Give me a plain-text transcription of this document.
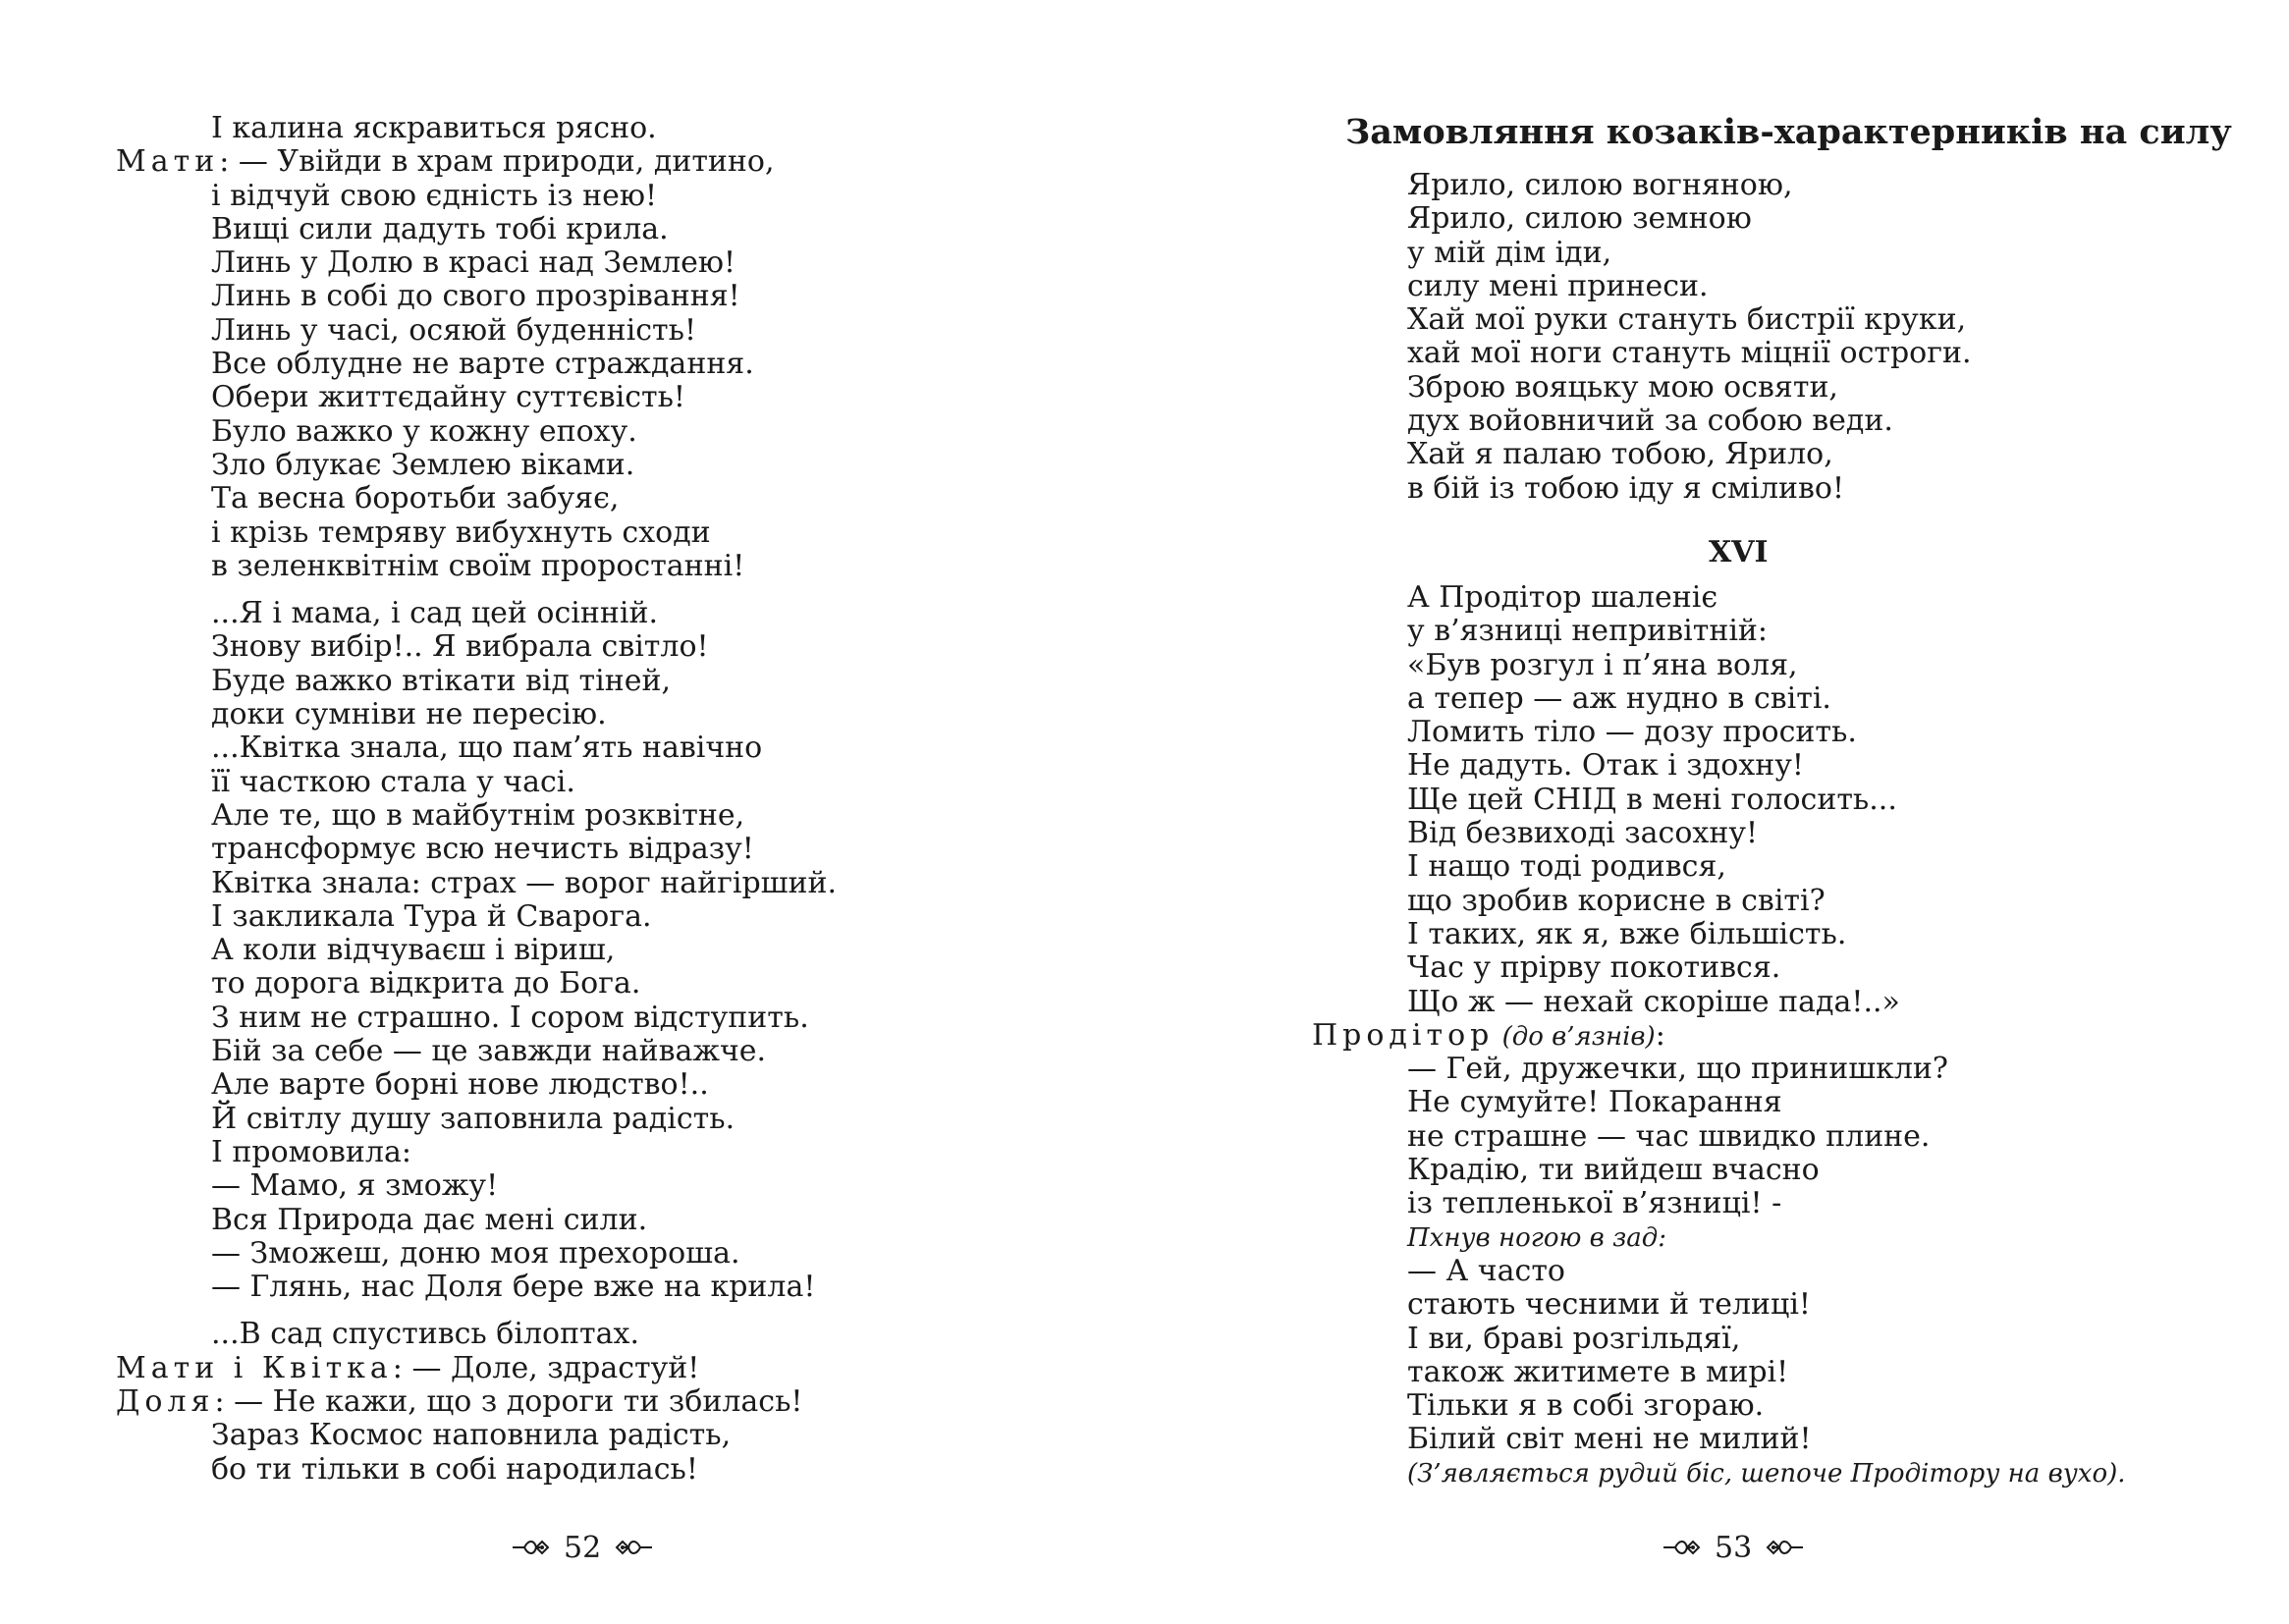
І калина яскравиться рясно.
Мати: — Увійди в храм природи, дитино,
і відчуй свою єдність із нею!
Вищі сили дадуть тобі крила.
Линь у Долю в красі над Землею!
Линь в собі до свого прозрівання!
Линь у часі, осяюй буденність!
Все облудне не варте страждання.
Обери життєдайну суттєвість!
Було важко у кожну епоху.
Зло блукає Землею віками.
Та весна боротьби забуяє,
і крізь темряву вибухнуть сходи
в зеленквітнім своїм проростанні!
...Я і мама, і сад цей осінній.
Знову вибір!.. Я вибрала світло!
Буде важко втікати від тіней,
доки сумніви не пересію.
...Квітка знала, що пам’ять навічно
її часткою стала у часі.
Але те, що в майбутнім розквітне,
трансформує всю нечисть відразу!
Квітка знала: страх — ворог найгірший.
І закликала Тура й Сварога.
А коли відчуваєш і віриш,
то дорога відкрита до Бога.
З ним не страшно. І сором відступить.
Бій за себе — це завжди найважче.
Але варте борні нове людство!..
Й світлу душу заповнила радість.
І промовила:
— Мамо, я зможу!
Вся Природа дає мені сили.
— Зможеш, доню моя прехороша.
— Глянь, нас Доля бере вже на крила!
...В сад спустивсь білоптах.
Мати і Квітка: — Доле, здрастуй!
Доля: — Не кажи, що з дороги ти збилась!
Зараз Космос наповнила радість,
бо ти тільки в собі народилась!
52
Замовляння козаків-характерників на силу
Ярило, силою вогняною,
Ярило, силою земною
у мій дім іди,
силу мені принеси.
Хай мої руки стануть бистрії круки,
хай мої ноги стануть міцнії остроги.
Зброю вояцьку мою освяти,
дух войовничий за собою веди.
Хай я палаю тобою, Ярило,
в бій із тобою іду я сміливо!
XVI
А Продітор шаленіє
у в’язниці непривітній:
«Був розгул і п’яна воля,
а тепер — аж нудно в світі.
Ломить тіло — дозу просить.
Не дадуть. Отак і здохну!
Ще цей СНІД в мені голосить...
Від безвиході засохну!
І нащо тоді родився,
що зробив корисне в світі?
І таких, як я, вже більшість.
Час у прірву покотився.
Що ж — нехай скоріше пада!..»
Продітор (до в’язнів):
— Гей, дружечки, що принишкли?
Не сумуйте! Покарання
не страшне — час швидко плине.
Крадію, ти вийдеш вчасно
із тепленької в’язниці! -
Пхнув ногою в зад:
— А часто
стають чесними й телиці!
І ви, браві розгільдяї,
також житимете в мирі!
Тільки я в собі згораю.
Білий світ мені не милий!
(З’являється рудий біс, шепоче Продітору на вухо).
53
